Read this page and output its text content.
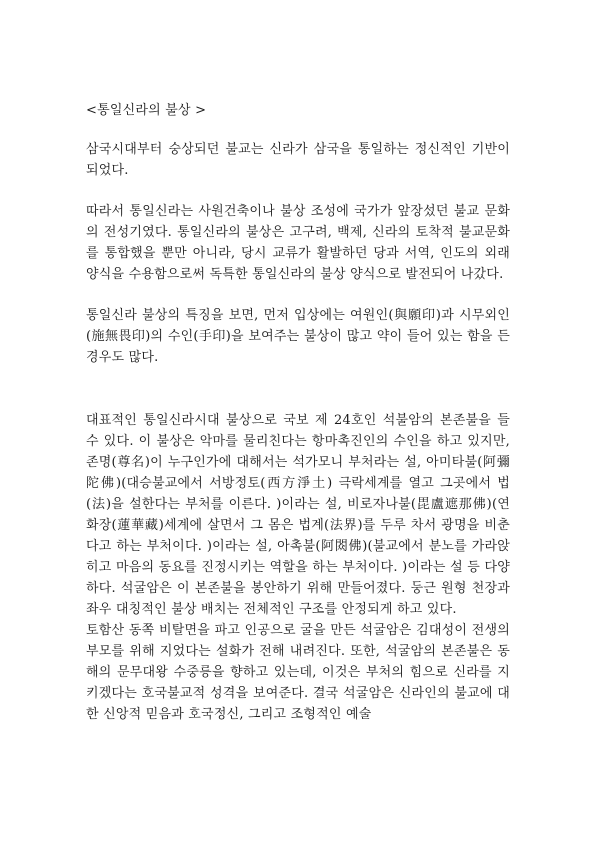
<통일신라의 불상 >

삼국시대부터 숭상되던 불교는 신라가 삼국을 통일하는 정신적인 기반이 되었다.

따라서 통일신라는 사원건축이나 불상 조성에 국가가 앞장섰던 불교 문화의 전성기였다. 통일신라의 불상은 고구려, 백제, 신라의 토착적 불교문화를 통합했을 뿐만 아니라, 당시 교류가 활발하던 당과 서역, 인도의 외래 양식을 수용함으로써 독특한 통일신라의 불상 양식으로 발전되어 나갔다.

통일신라 불상의 특징을 보면, 먼저 입상에는 여원인(與願印)과 시무외인(施無畏印)의 수인(手印)을 보여주는 불상이 많고 약이 들어 있는 함을 든 경우도 많다.

대표적인 통일신라시대 불상으로 국보 제 24호인 석불암의 본존불을 들 수 있다. 이 불상은 악마를 물리친다는 항마촉진인의 수인을 하고 있지만, 존명(尊名)이 누구인가에 대해서는 석가모니 부처라는 설, 아미타불(阿彌陀佛)(대승불교에서 서방정토(西方淨土) 극락세계를 열고 그곳에서 법(法)을 설한다는 부처를 이른다. )이라는 설, 비로자나불(毘盧遮那佛)(연화장(蓮華藏)세계에 살면서 그 몸은 법계(法界)를 두루 차서 광명을 비춘다고 하는 부처이다. )이라는 설, 아촉불(阿閦佛)(불교에서 분노를 가라앉히고 마음의 동요를 진정시키는 역할을 하는 부처이다. )이라는 설 등 다양하다. 석굴암은 이 본존불을 봉안하기 위해 만들어졌다. 둥근 원형 천장과 좌우 대칭적인 불상 배치는 전체적인 구조를 안정되게 하고 있다.

토함산 동쪽 비탈면을 파고 인공으로 굴을 만든 석굴암은 김대성이 전생의 부모를 위해 지었다는 설화가 전해 내려진다. 또한, 석굴암의 본존불은 동해의 문무대왕 수중릉을 향하고 있는데, 이것은 부처의 힘으로 신라를 지키겠다는 호국불교적 성격을 보여준다. 결국 석굴암은 신라인의 불교에 대한 신앙적 믿음과 호국정신, 그리고 조형적인 예술
